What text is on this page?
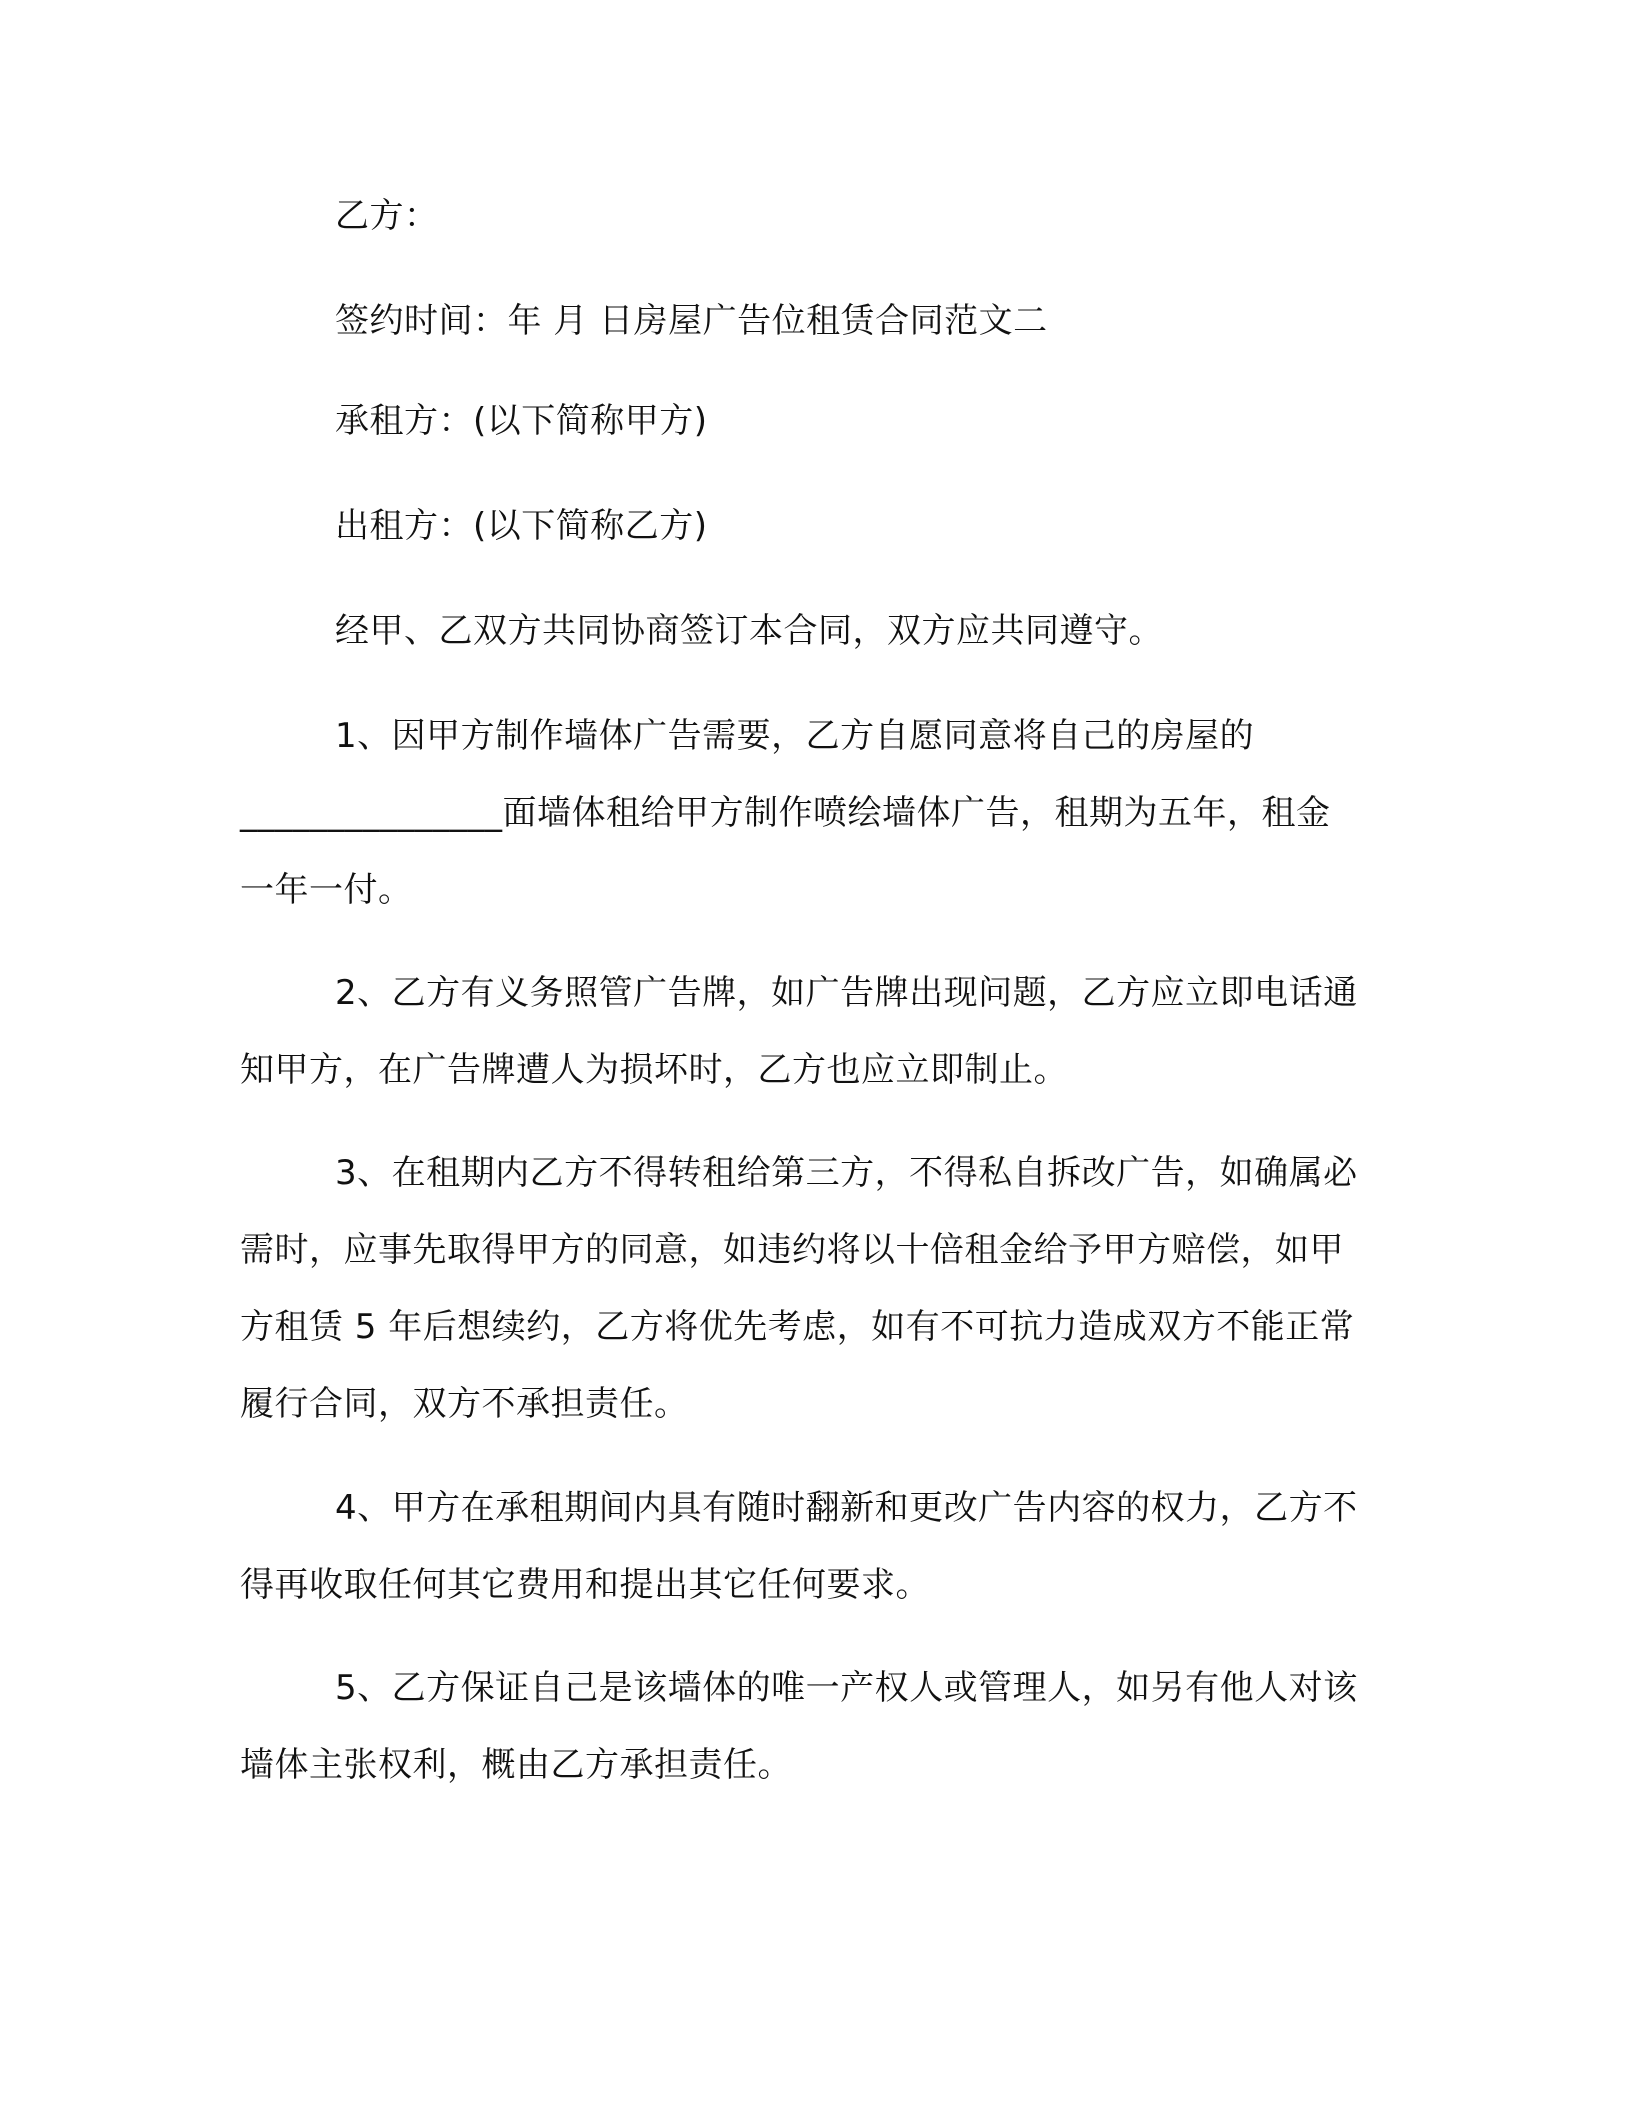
乙方：
签约时间：年 月 日房屋广告位租赁合同范文二
承租方：(以下简称甲方)
出租方：(以下简称乙方)
经甲、乙双方共同协商签订本合同，双方应共同遵守。
1、因甲方制作墙体广告需要，乙方自愿同意将自己的房屋的_______________面墙体租给甲方制作喷绘墙体广告，租期为五年，租金一年一付。
2、乙方有义务照管广告牌，如广告牌出现问题，乙方应立即电话通知甲方，在广告牌遭人为损坏时，乙方也应立即制止。
3、在租期内乙方不得转租给第三方，不得私自拆改广告，如确属必需时，应事先取得甲方的同意，如违约将以十倍租金给予甲方赔偿，如甲方租赁 5 年后想续约，乙方将优先考虑，如有不可抗力造成双方不能正常履行合同，双方不承担责任。
4、甲方在承租期间内具有随时翻新和更改广告内容的权力，乙方不得再收取任何其它费用和提出其它任何要求。
5、乙方保证自己是该墙体的唯一产权人或管理人，如另有他人对该墙体主张权利，概由乙方承担责任。
